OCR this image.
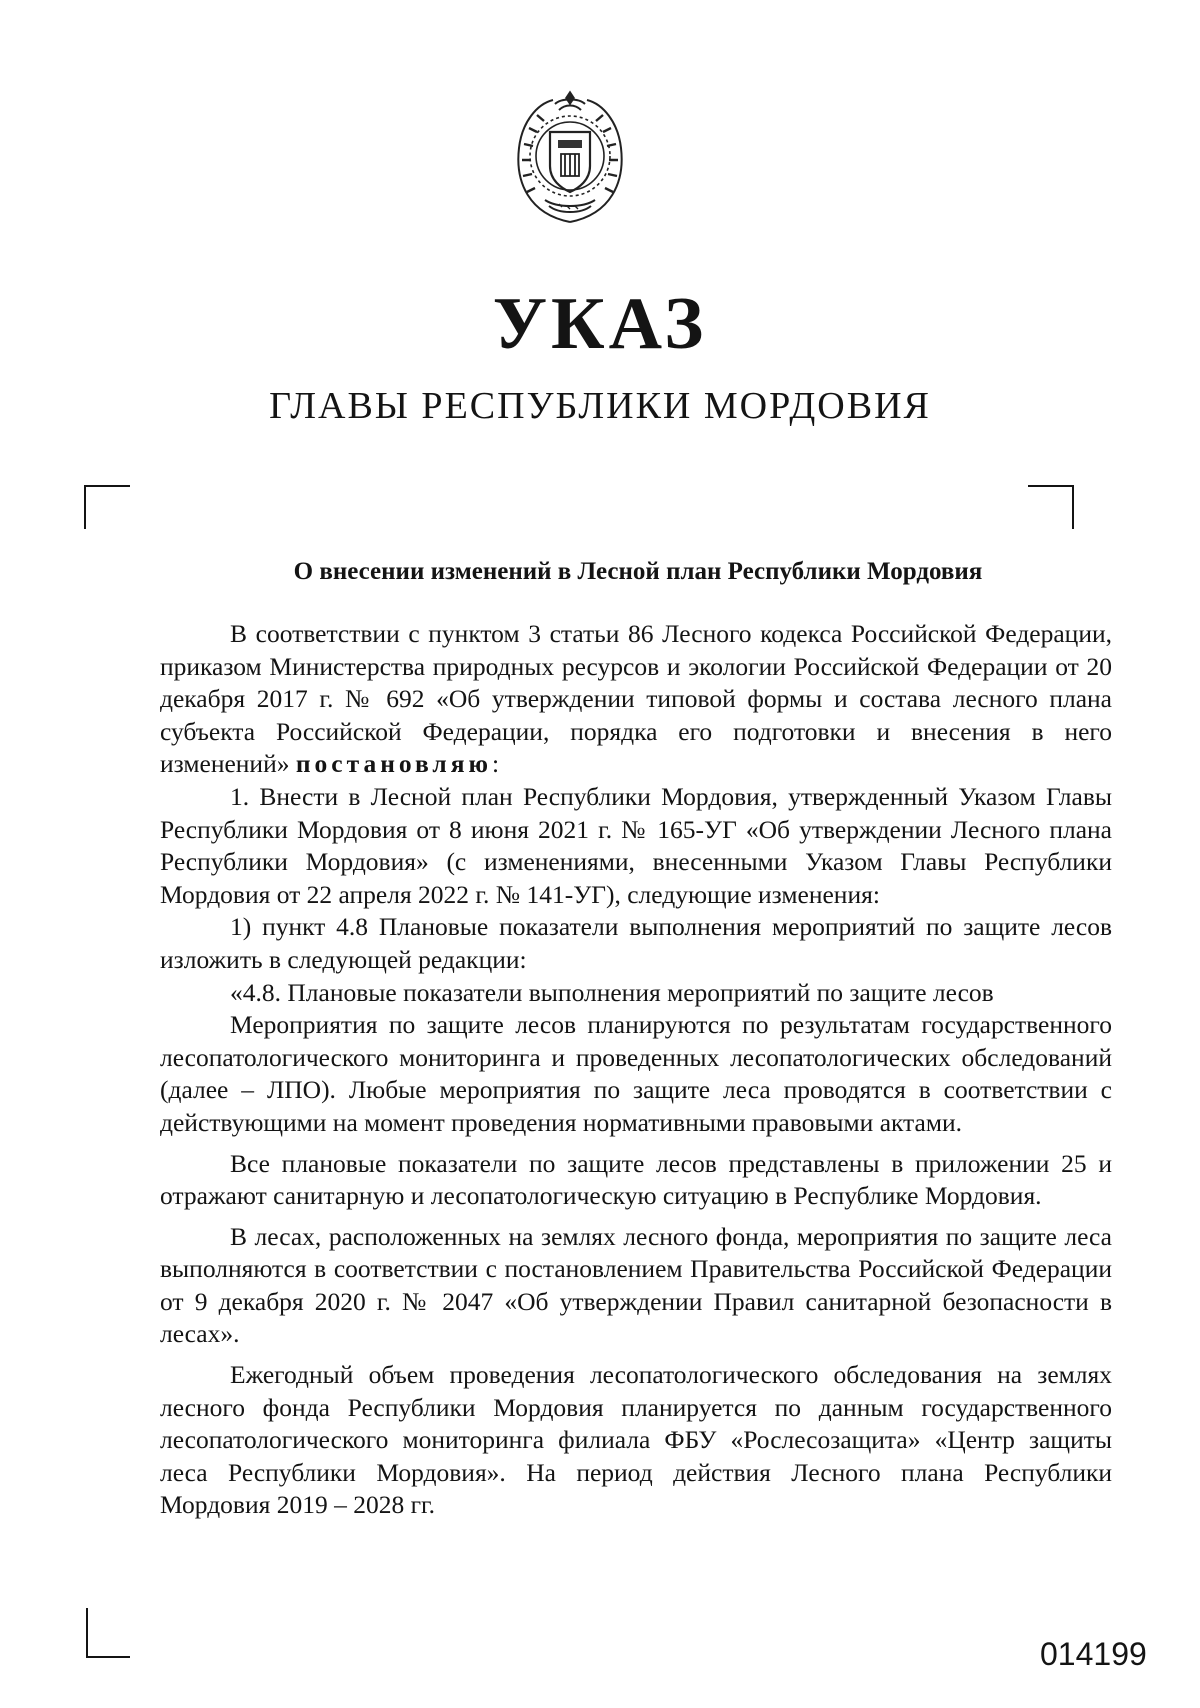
УКАЗ
ГЛАВЫ РЕСПУБЛИКИ МОРДОВИЯ
О внесении изменений в Лесной план Республики Мордовия

В соответствии с пунктом 3 статьи 86 Лесного кодекса Российской Федерации, приказом Министерства природных ресурсов и экологии Российской Федерации от 20 декабря 2017 г. № 692 «Об утверждении типовой формы и состава лесного плана субъекта Российской Федерации, порядка его подготовки и внесения в него изменений» постановляю:

1. Внести в Лесной план Республики Мордовия, утвержденный Указом Главы Республики Мордовия от 8 июня 2021 г. № 165-УГ «Об утверждении Лесного плана Республики Мордовия» (с изменениями, внесенными Указом Главы Республики Мордовия от 22 апреля 2022 г. № 141-УГ), следующие изменения:

1) пункт 4.8 Плановые показатели выполнения мероприятий по защите лесов изложить в следующей редакции:

«4.8. Плановые показатели выполнения мероприятий по защите лесов

Мероприятия по защите лесов планируются по результатам государственного лесопатологического мониторинга и проведенных лесопатологических обследований (далее – ЛПО). Любые мероприятия по защите леса проводятся в соответствии с действующими на момент проведения нормативными правовыми актами.

Все плановые показатели по защите лесов представлены в приложении 25 и отражают санитарную и лесопатологическую ситуацию в Республике Мордовия.

В лесах, расположенных на землях лесного фонда, мероприятия по защите леса выполняются в соответствии с постановлением Правительства Российской Федерации от 9 декабря 2020 г. № 2047 «Об утверждении Правил санитарной безопасности в лесах».

Ежегодный объем проведения лесопатологического обследования на землях лесного фонда Республики Мордовия планируется по данным государственного лесопатологического мониторинга филиала ФБУ «Рослесозащита» «Центр защиты леса Республики Мордовия». На период действия Лесного плана Республики Мордовия 2019 – 2028 гг.

014199
